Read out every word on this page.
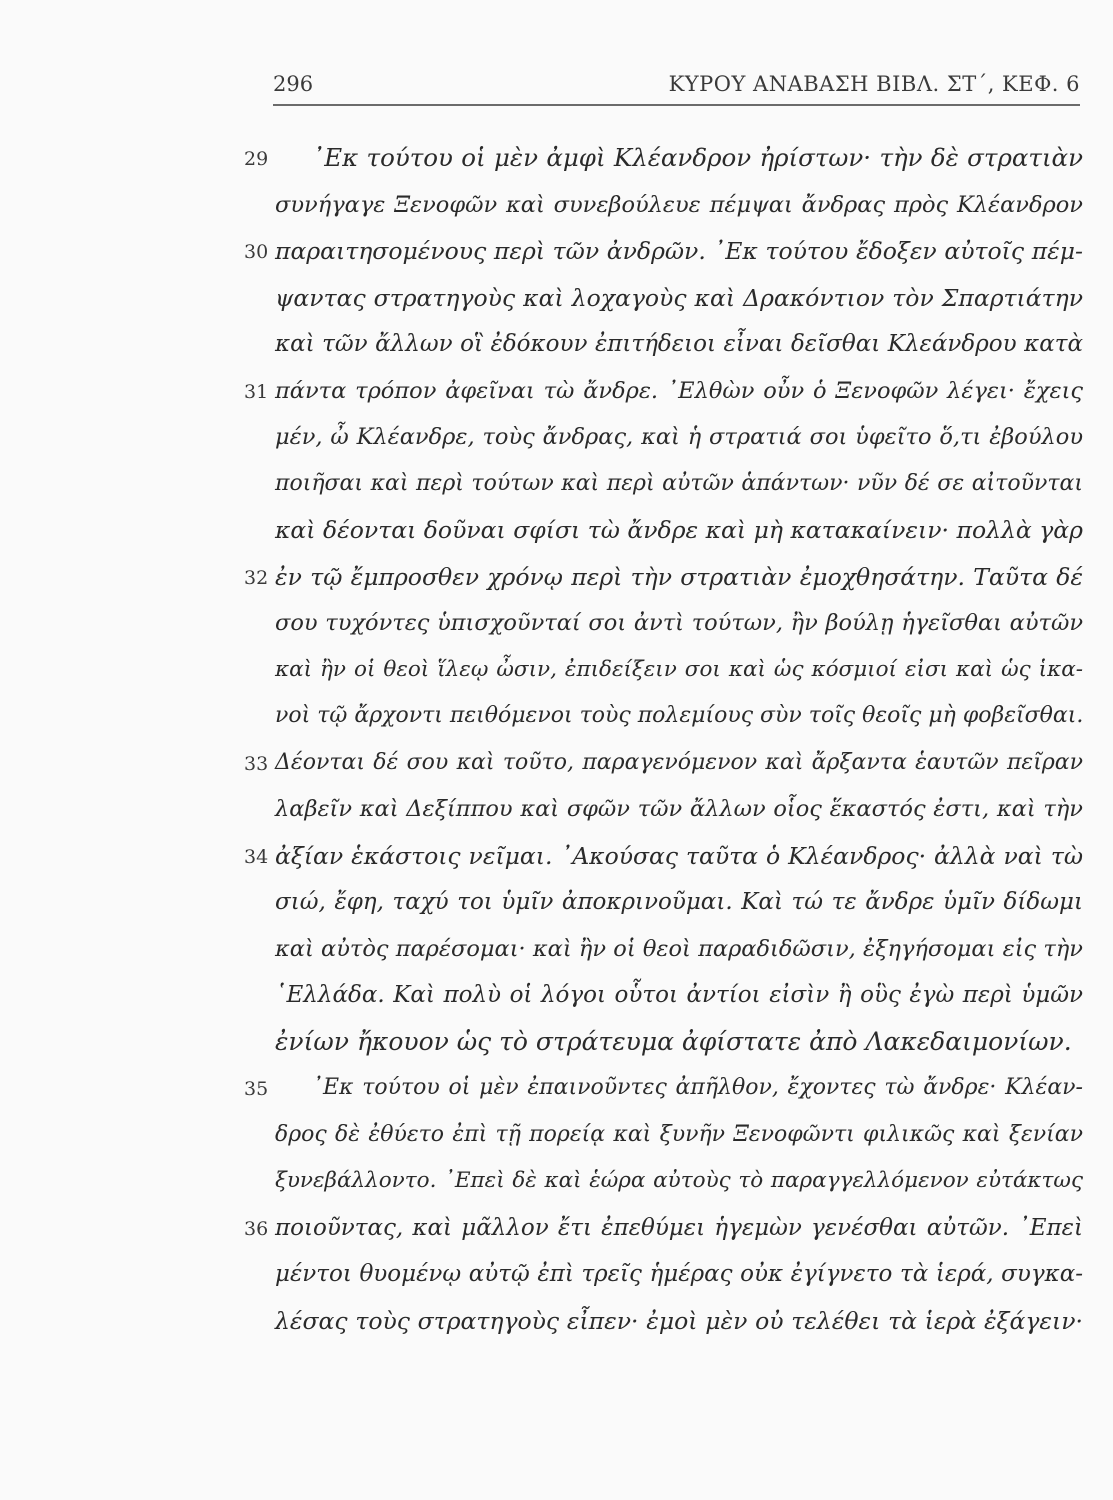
296	ΚΥΡΟΥ ΑΝΑΒΑΣΗ ΒΙΒΛ. ΣΤ΄, ΚΕΦ. 6
29 ᾿Εκ τούτου οἱ μὲν ἀμφὶ Κλέανδρον ἠρίστων· τὴν δὲ στρατιὰν
συνήγαγε Ξενοφῶν καὶ συνεβούλευε πέμψαι ἄνδρας πρὸς Κλέανδρον
30 παραιτησομένους περὶ τῶν ἀνδρῶν. ᾿Εκ τούτου ἔδοξεν αὐτοῖς πέμ-
ψαντας στρατηγοὺς καὶ λοχαγοὺς καὶ Δρακόντιον τὸν Σπαρτιάτην
καὶ τῶν ἄλλων οἳ ἐδόκουν ἐπιτήδειοι εἶναι δεῖσθαι Κλεάνδρου κατὰ
31 πάντα τρόπον ἀφεῖναι τὼ ἄνδρε. ᾿Ελθὼν οὖν ὁ Ξενοφῶν λέγει· ἔχεις
μέν, ὦ Κλέανδρε, τοὺς ἄνδρας, καὶ ἡ στρατιά σοι ὑφεῖτο ὅ,τι ἐβούλου
ποιῆσαι καὶ περὶ τούτων καὶ περὶ αὐτῶν ἁπάντων· νῦν δέ σε αἰτοῦνται
καὶ δέονται δοῦναι σφίσι τὼ ἄνδρε καὶ μὴ κατακαίνειν· πολλὰ γὰρ
32 ἐν τῷ ἔμπροσθεν χρόνῳ περὶ τὴν στρατιὰν ἐμοχθησάτην. Ταῦτα δέ
σου τυχόντες ὑπισχοῦνταί σοι ἀντὶ τούτων, ἢν βούλῃ ἡγεῖσθαι αὐτῶν
καὶ ἢν οἱ θεοὶ ἵλεῳ ὦσιν, ἐπιδείξειν σοι καὶ ὡς κόσμιοί εἰσι καὶ ὡς ἱκα-
νοὶ τῷ ἄρχοντι πειθόμενοι τοὺς πολεμίους σὺν τοῖς θεοῖς μὴ φοβεῖσθαι.
33 Δέονται δέ σου καὶ τοῦτο, παραγενόμενον καὶ ἄρξαντα ἑαυτῶν πεῖραν
λαβεῖν καὶ Δεξίππου καὶ σφῶν τῶν ἄλλων οἷος ἕκαστός ἐστι, καὶ τὴν
34 ἀξίαν ἑκάστοις νεῖμαι. ᾿Ακούσας ταῦτα ὁ Κλέανδρος· ἀλλὰ ναὶ τὼ
σιώ, ἔφη, ταχύ τοι ὑμῖν ἀποκρινοῦμαι. Καὶ τώ τε ἄνδρε ὑμῖν δίδωμι
καὶ αὐτὸς παρέσομαι· καὶ ἢν οἱ θεοὶ παραδιδῶσιν, ἐξηγήσομαι εἰς τὴν
῾Ελλάδα. Καὶ πολὺ οἱ λόγοι οὗτοι ἀντίοι εἰσὶν ἢ οὓς ἐγὼ περὶ ὑμῶν
ἐνίων ἤκουον ὡς τὸ στράτευμα ἀφίστατε ἀπὸ Λακεδαιμονίων.
35 ᾿Εκ τούτου οἱ μὲν ἐπαινοῦντες ἀπῆλθον, ἔχοντες τὼ ἄνδρε· Κλέαν-
δρος δὲ ἐθύετο ἐπὶ τῇ πορείᾳ καὶ ξυνῆν Ξενοφῶντι φιλικῶς καὶ ξενίαν
ξυνεβάλλοντο. ᾿Επεὶ δὲ καὶ ἑώρα αὐτοὺς τὸ παραγγελλόμενον εὐτάκτως
36 ποιοῦντας, καὶ μᾶλλον ἔτι ἐπεθύμει ἡγεμὼν γενέσθαι αὐτῶν. ᾿Επεὶ
μέντοι θυομένῳ αὐτῷ ἐπὶ τρεῖς ἡμέρας οὐκ ἐγίγνετο τὰ ἱερά, συγκα-
λέσας τοὺς στρατηγοὺς εἶπεν· ἐμοὶ μὲν οὐ τελέθει τὰ ἱερὰ ἐξάγειν·
